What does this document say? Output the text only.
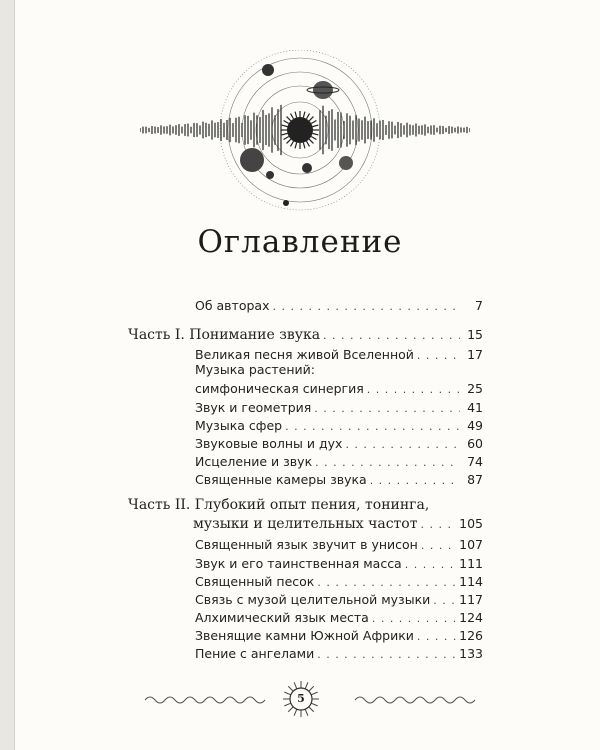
Оглавление
Об авторах . . .	7
Часть I. Понимание звука . . .	15
Великая песня живой Вселенной . . .	17
Музыка растений:
симфоническая синергия . . .	25
Звук и геометрия . . .	41
Музыка сфер . . .	49
Звуковые волны и дух . . .	60
Исцеление и звук . . .	74
Священные камеры звука . . .	87
Часть II. Глубокий опыт пения, тонинга,
музыки и целительных частот . . .	105
Священный язык звучит в унисон . . .	107
Звук и его таинственная масса . . .	111
Священный песок . . .	114
Связь с музой целительной музыки . . . 117
Алхимический язык места . . .	124
Звенящие камни Южной Африки . . .	126
Пение с ангелами . . .	133
5
